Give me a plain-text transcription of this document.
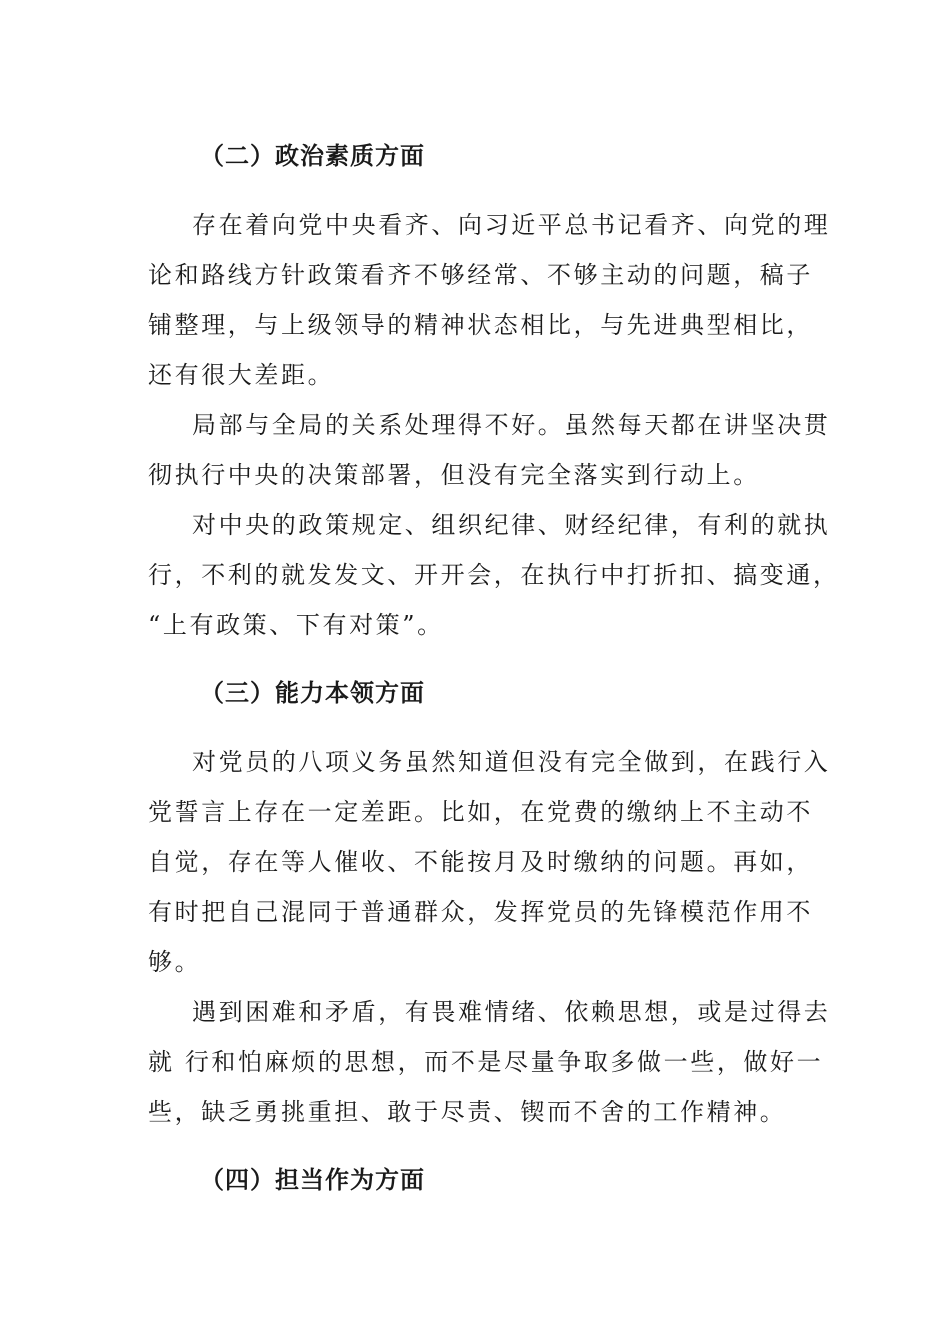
（二）政治素质方面
存在着向党中央看齐、向习近平总书记看齐、向党的理
论和路线方针政策看齐不够经常、不够主动的问题，稿子
铺整理，与上级领导的精神状态相比，与先进典型相比，
还有很大差距。
局部与全局的关系处理得不好。虽然每天都在讲坚决贯
彻执行中央的决策部署，但没有完全落实到行动上。
对中央的政策规定、组织纪律、财经纪律，有利的就执
行，不利的就发发文、开开会，在执行中打折扣、搞变通，
“上有政策、下有对策”。
（三）能力本领方面
对党员的八项义务虽然知道但没有完全做到，在践行入
党誓言上存在一定差距。比如，在党费的缴纳上不主动不
自觉，存在等人催收、不能按月及时缴纳的问题。再如，
有时把自己混同于普通群众，发挥党员的先锋模范作用不
够。
遇到困难和矛盾，有畏难情绪、依赖思想，或是过得去
就 行和怕麻烦的思想，而不是尽量争取多做一些，做好一
些，缺乏勇挑重担、敢于尽责、锲而不舍的工作精神。
（四）担当作为方面
